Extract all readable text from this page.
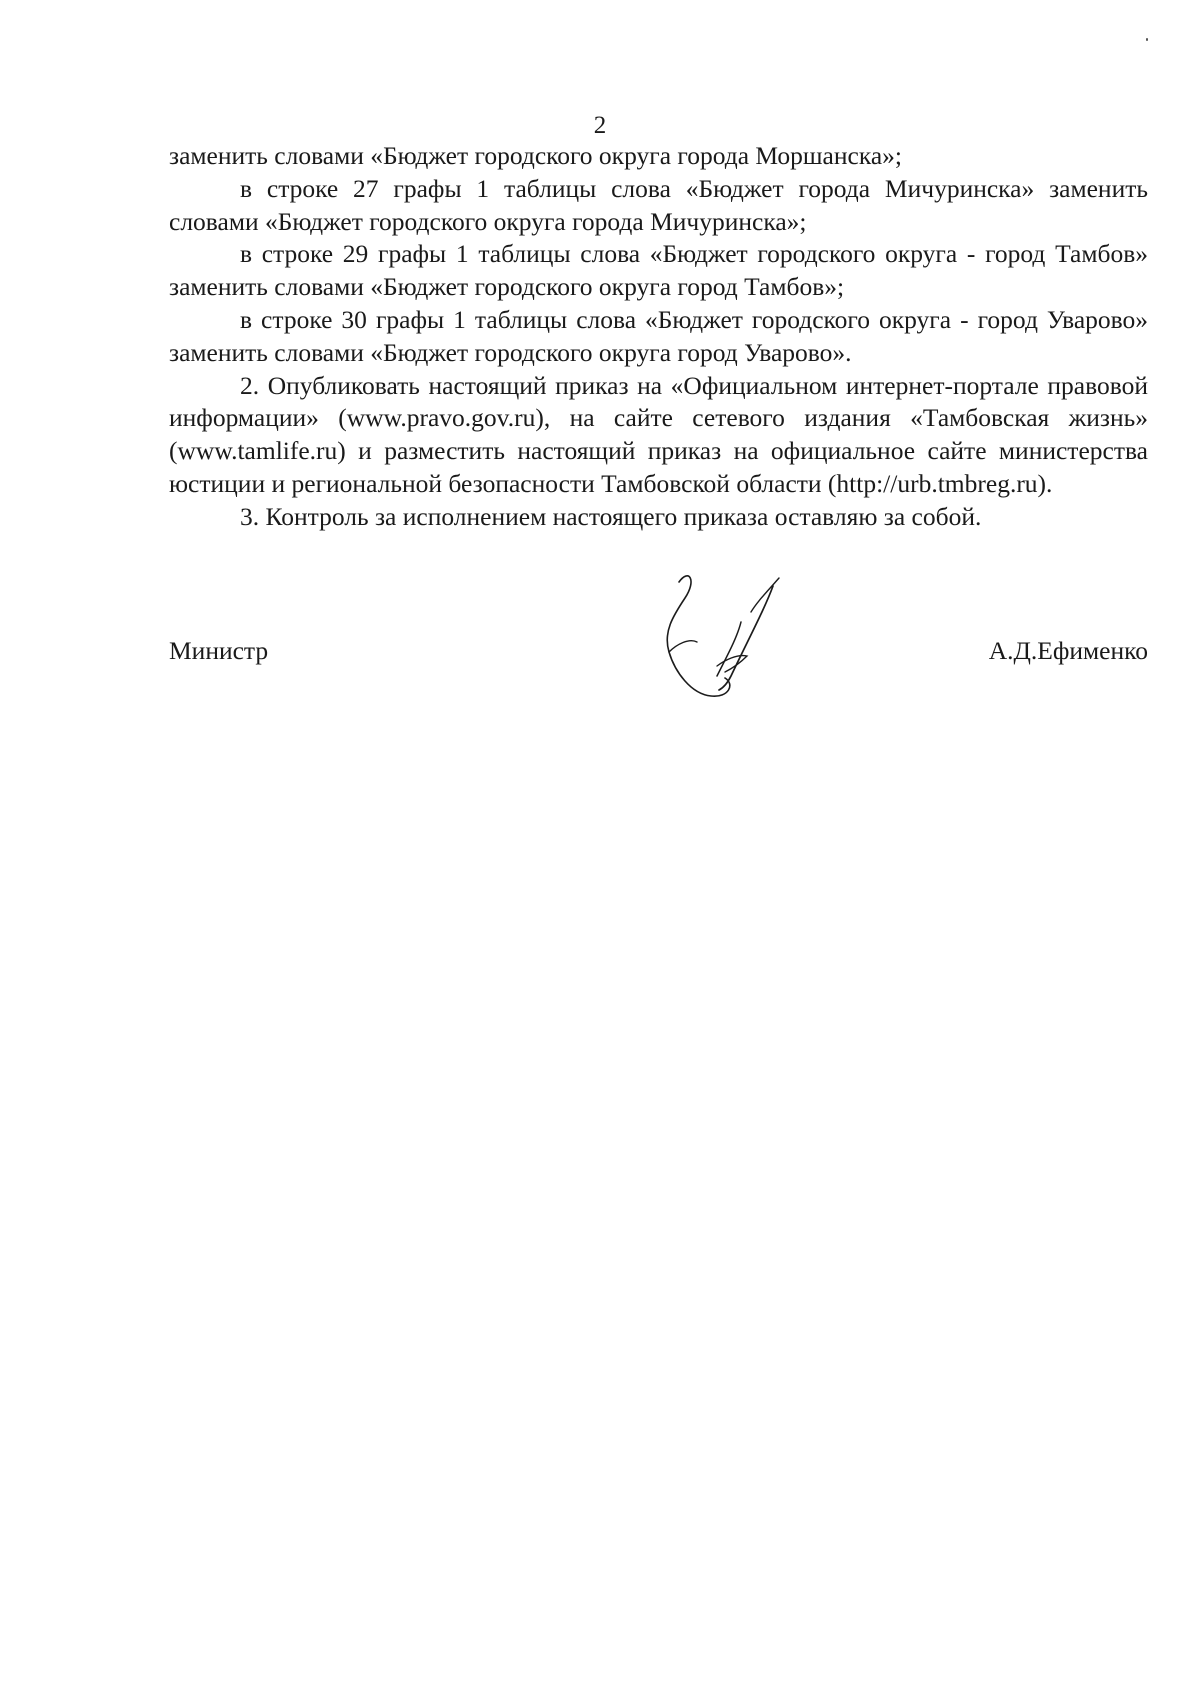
2

заменить словами «Бюджет городского округа города Моршанска»;

в строке 27 графы 1 таблицы слова «Бюджет города Мичуринска» заменить словами «Бюджет городского округа города Мичуринска»;

в строке 29 графы 1 таблицы слова «Бюджет городского округа - город Тамбов» заменить словами «Бюджет городского округа город Тамбов»;

в строке 30 графы 1 таблицы слова «Бюджет городского округа - город Уварово» заменить словами «Бюджет городского округа город Уварово».

2. Опубликовать настоящий приказ на «Официальном интернет-портале правовой информации» (www.pravo.gov.ru), на сайте сетевого издания «Тамбовская жизнь» (www.tamlife.ru) и разместить настоящий приказ на официальное сайте министерства юстиции и региональной безопасности Тамбовской области (http://urb.tmbreg.ru).

3. Контроль за исполнением настоящего приказа оставляю за собой.

Министр	А.Д.Ефименко
